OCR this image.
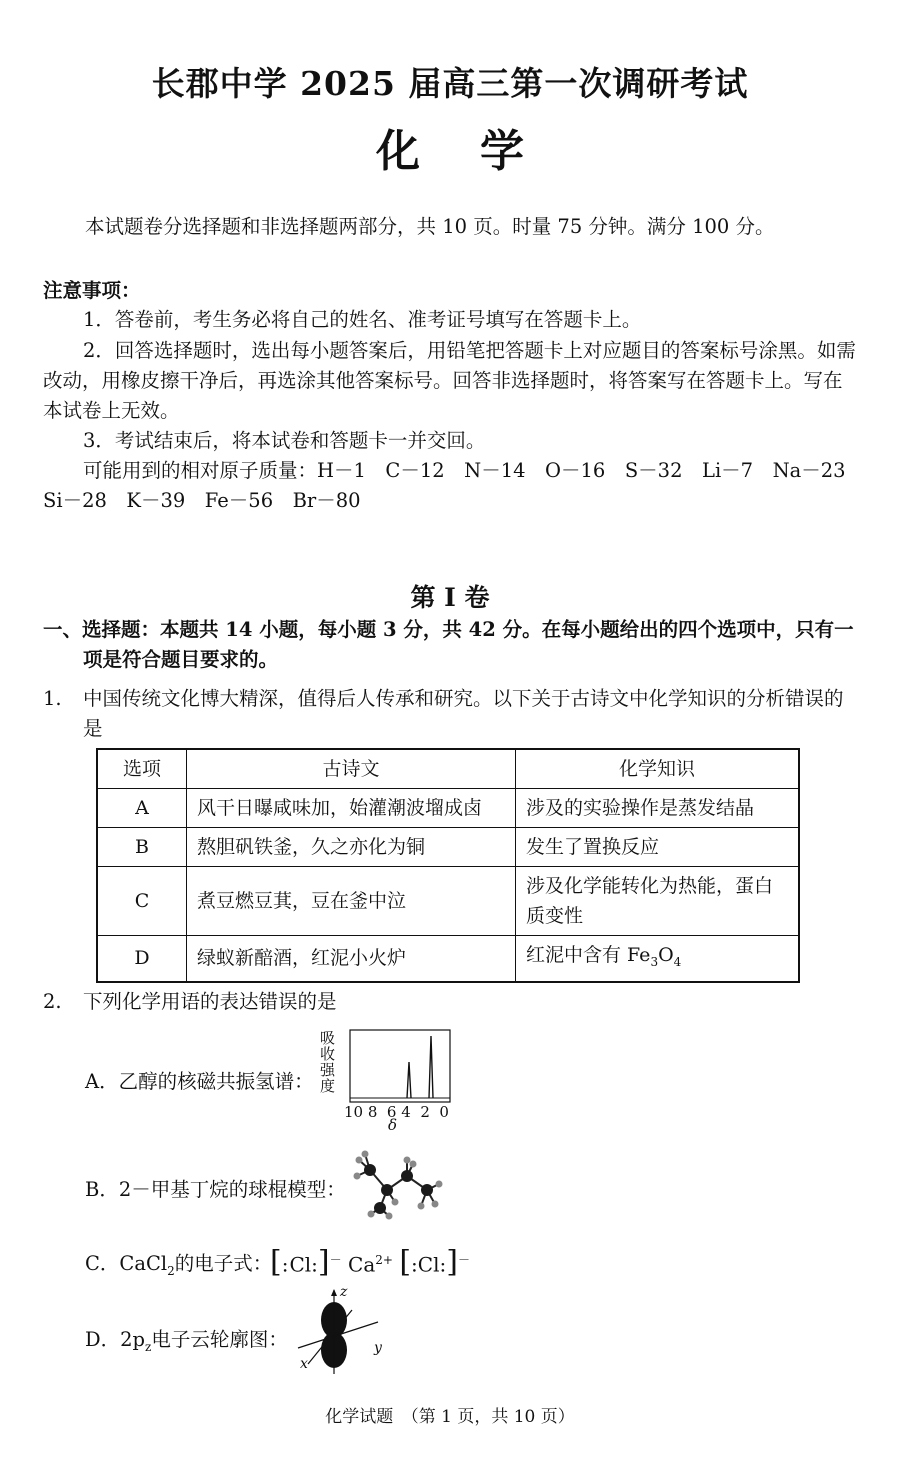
长郡中学 2025 届高三第一次调研考试
化学
本试题卷分选择题和非选择题两部分，共 10 页。时量 75 分钟。满分 100 分。
注意事项：
1．答卷前，考生务必将自己的姓名、准考证号填写在答题卡上。
2．回答选择题时，选出每小题答案后，用铅笔把答题卡上对应题目的答案标号涂黑。如需改动，用橡皮擦干净后，再选涂其他答案标号。回答非选择题时，将答案写在答题卡上。写在本试卷上无效。
3．考试结束后，将本试卷和答题卡一并交回。
可能用到的相对原子质量：H－1　C－12　N－14　O－16　S－32　Li－7　Na－23　Si－28　K－39　Fe－56　Br－80
第 Ⅰ 卷
一、选择题：本题共 14 小题，每小题 3 分，共 42 分。在每小题给出的四个选项中，只有一项是符合题目要求的。
1. 中国传统文化博大精深，值得后人传承和研究。以下关于古诗文中化学知识的分析错误的是
选项	古诗文	化学知识
A	风干日曝咸味加，始灌潮波塯成卤	涉及的实验操作是蒸发结晶
B	熬胆矾铁釜，久之亦化为铜	发生了置换反应
C	煮豆燃豆萁，豆在釜中泣	涉及化学能转化为热能，蛋白质变性
D	绿蚁新醅酒，红泥小火炉	红泥中含有 $Fe_3O_4$
2. 下列化学用语的表达错误的是
A．乙醇的核磁共振氢谱：
吸收强度
10 8  6 4  2  0
δ
B．2－甲基丁烷的球棍模型：
C．CaCl$_2$的电子式：
[:Cl:]－ $Ca^{2+}$ [:Cl:]－
D．$2p_z$电子云轮廓图：
z
x
y
化学试题　（第 1 页，共 10 页）
